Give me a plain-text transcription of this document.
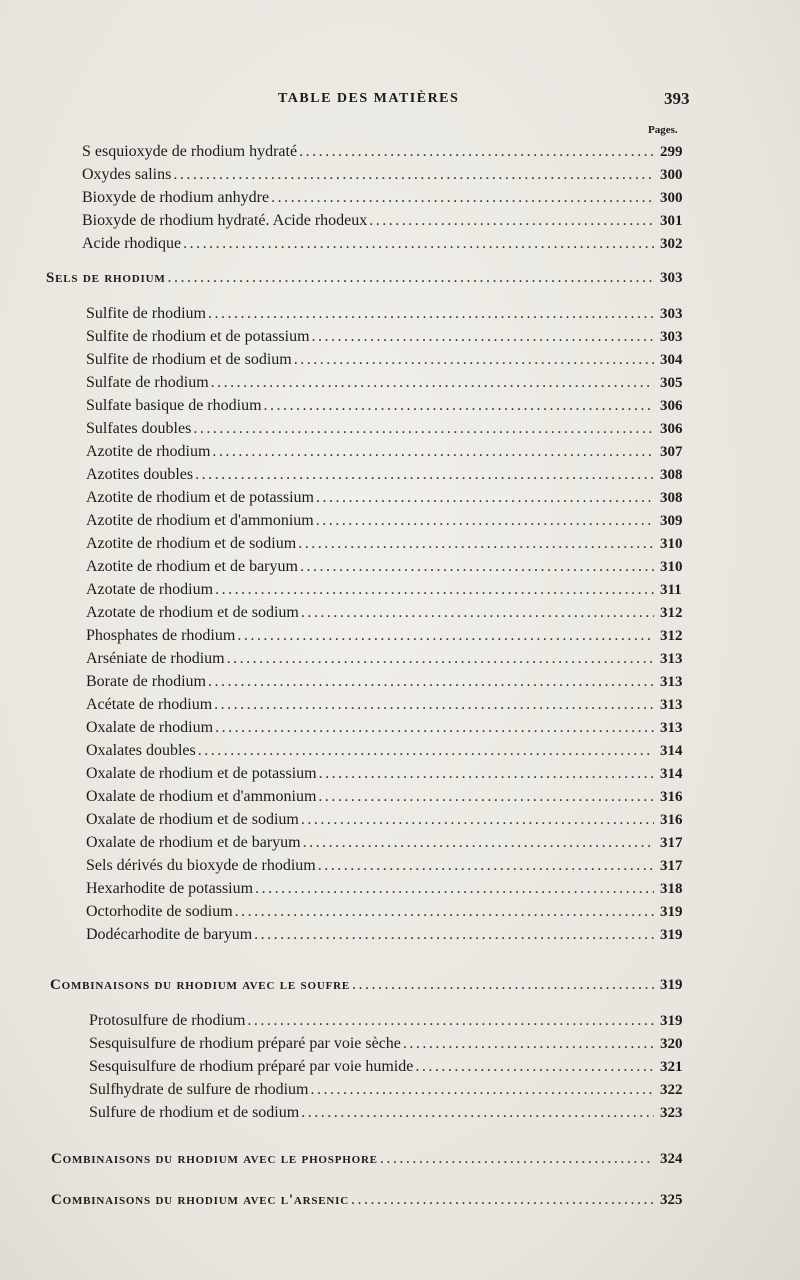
TABLE DES MATIÈRES	393
Pages.
S esquioxyde de rhodium hydraté .....	299
Oxydes salins .....	300
Bioxyde de rhodium anhydre .....	300
Bioxyde de rhodium hydraté. Acide rhodeux .....	301
Acide rhodique .....	302
Sels de rhodium .....	303
Sulfite de rhodium .....	303
Sulfite de rhodium et de potassium .....	303
Sulfite de rhodium et de sodium .....	304
Sulfate de rhodium .....	305
Sulfate basique de rhodium .....	306
Sulfates doubles .....	306
Azotite de rhodium .....	307
Azotites doubles .....	308
Azotite de rhodium et de potassium .....	308
Azotite de rhodium et d'ammonium .....	309
Azotite de rhodium et de sodium .....	310
Azotite de rhodium et de baryum .....	310
Azotate de rhodium .....	311
Azotate de rhodium et de sodium .....	312
Phosphates de rhodium .....	312
Arséniate de rhodium .....	313
Borate de rhodium .....	313
Acétate de rhodium .....	313
Oxalate de rhodium .....	313
Oxalates doubles .....	314
Oxalate de rhodium et de potassium .....	314
Oxalate de rhodium et d'ammonium .....	316
Oxalate de rhodium et de sodium .....	316
Oxalate de rhodium et de baryum .....	317
Sels dérivés du bioxyde de rhodium .....	317
Hexarhodite de potassium .....	318
Octorhodite de sodium .....	319
Dodécarhodite de baryum .....	319
Combinaisons du rhodium avec le soufre .....	319
Protosulfure de rhodium .....	319
Sesquisulfure de rhodium préparé par voie sèche .....	320
Sesquisulfure de rhodium préparé par voie humide .....	321
Sulfhydrate de sulfure de rhodium .....	322
Sulfure de rhodium et de sodium .....	323
Combinaisons du rhodium avec le phosphore .....	324
Combinaisons du rhodium avec l'arsenic .....	325
